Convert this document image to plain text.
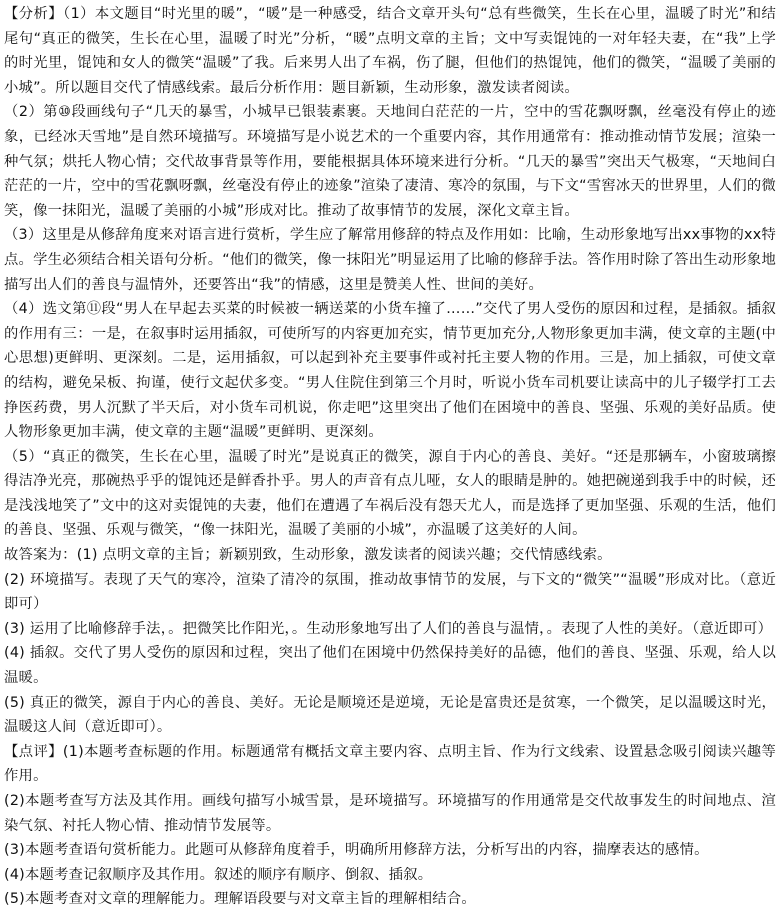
【分析】（1）本文题目“时光里的暖”，“暖”是一种感受，结合文章开头句“总有些微笑，生长在心里，温暖了时光”和结尾句“真正的微笑，生长在心里，温暖了时光”分析，“暖”点明文章的主旨；文中写卖馄饨的一对年轻夫妻，在“我”上学的时光里，馄饨和女人的微笑“温暖”了我。后来男人出了车祸，伤了腿，但他们的热馄饨，他们的微笑，“温暖了美丽的小城”。所以题目交代了情感线索。最后分析作用：题目新颖，生动形象，激发读者阅读。

（2）第⑩段画线句子“几天的暴雪，小城早已银装素裹。天地间白茫茫的一片，空中的雪花飘呀飘，丝毫没有停止的迹象，已经冰天雪地”是自然环境描写。环境描写是小说艺术的一个重要内容，其作用通常有：推动推动情节发展；渲染一种气氛；烘托人物心情；交代故事背景等作用，要能根据具体环境来进行分析。“几天的暴雪”突出天气极寒，“天地间白茫茫的一片，空中的雪花飘呀飘，丝毫没有停止的迹象”渲染了凄清、寒冷的氛围，与下文“雪窖冰天的世界里，人们的微笑，像一抹阳光，温暖了美丽的小城”形成对比。推动了故事情节的发展，深化文章主旨。

（3）这里是从修辞角度来对语言进行赏析，学生应了解常用修辞的特点及作用如：比喻，生动形象地写出xx事物的xx特点。学生必须结合相关语句分析。“他们的微笑，像一抹阳光”明显运用了比喻的修辞手法。答作用时除了答出生动形象地描写出人们的善良与温情外，还要答出“我”的情感，这里是赞美人性、世间的美好。

（4）选文第⑪段“男人在早起去买菜的时候被一辆送菜的小货车撞了……”交代了男人受伤的原因和过程，是插叙。插叙的作用有三：一是，在叙事时运用插叙，可使所写的内容更加充实，情节更加充分,人物形象更加丰满，使文章的主题(中心思想)更鲜明、更深刻。二是，运用插叙，可以起到补充主要事件或衬托主要人物的作用。三是，加上插叙，可使文章的结构，避免呆板、拘谨，使行文起伏多变。“男人住院住到第三个月时，听说小货车司机要让读高中的儿子辍学打工去挣医药费，男人沉默了半天后，对小货车司机说，你走吧”这里突出了他们在困境中的善良、坚强、乐观的美好品质。使人物形象更加丰满，使文章的主题“温暖”更鲜明、更深刻。

（5）“真正的微笑，生长在心里，温暖了时光”是说真正的微笑，源自于内心的善良、美好。“还是那辆车，小窗玻璃擦得洁净光亮，那碗热乎乎的馄饨还是鲜香扑乎。男人的声音有点儿哑，女人的眼睛是肿的。她把碗递到我手中的时候，还是浅浅地笑了”文中的这对卖馄饨的夫妻，他们在遭遇了车祸后没有怨天尤人，而是选择了更加坚强、乐观的生活，他们的善良、坚强、乐观与微笑，“像一抹阳光，温暖了美丽的小城”，亦温暖了这美好的人间。

故答案为：(1) 点明文章的主旨；新颖别致，生动形象，激发读者的阅读兴趣；交代情感线索。

(2) 环境描写。表现了天气的寒冷，渲染了清冷的氛围，推动故事情节的发展，与下文的“微笑”“温暖”形成对比。（意近即可）

(3) 运用了比喻修辞手法，。把微笑比作阳光，。生动形象地写出了人们的善良与温情，。表现了人性的美好。（意近即可）

(4) 插叙。交代了男人受伤的原因和过程，突出了他们在困境中仍然保持美好的品德，他们的善良、坚强、乐观，给人以温暖。

(5) 真正的微笑，源自于内心的善良、美好。无论是顺境还是逆境，无论是富贵还是贫寒，一个微笑，足以温暖这时光，温暖这人间（意近即可）。

【点评】(1)本题考查标题的作用。标题通常有概括文章主要内容、点明主旨、作为行文线索、设置悬念吸引阅读兴趣等作用。

(2)本题考查写方法及其作用。画线句描写小城雪景，是环境描写。环境描写的作用通常是交代故事发生的时间地点、渲染气氛、衬托人物心情、推动情节发展等。

(3)本题考查语句赏析能力。此题可从修辞角度着手，明确所用修辞方法，分析写出的内容，揣摩表达的感情。

(4)本题考查记叙顺序及其作用。叙述的顺序有顺序、倒叙、插叙。

(5)本题考查对文章的理解能力。理解语段要与对文章主旨的理解相结合。
